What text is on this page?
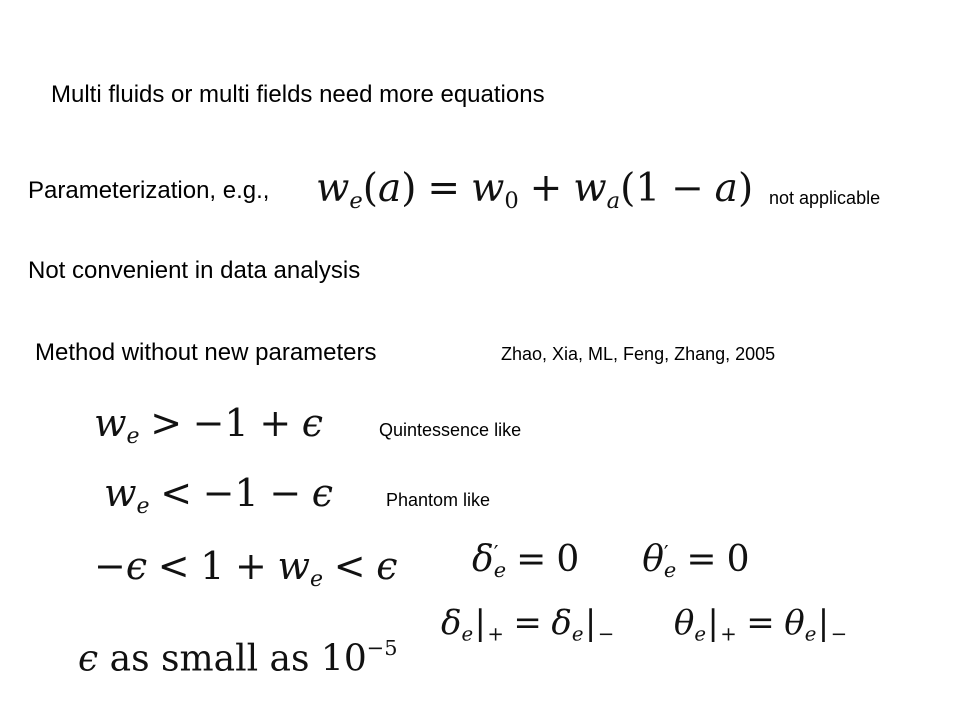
Multi fluids or multi fields need more equations
Parameterization, e.g., $w_e(a) = w_0 + w_a(1 - a)$ not applicable
Not convenient in data analysis
Method without new parameters	Zhao, Xia, ML, Feng, Zhang, 2005
$w_e > -1 + \epsilon$	Quintessence like
$w_e < -1 - \epsilon$	Phantom like
$-\epsilon < 1 + w_e < \epsilon$ δ ′
e = 0  θ ′
e = 0
$\delta_e|_+ = \delta_e|_-$ $\theta_e|_+ = \theta_e|_-$
ϵ as small as $10^{-5}$
